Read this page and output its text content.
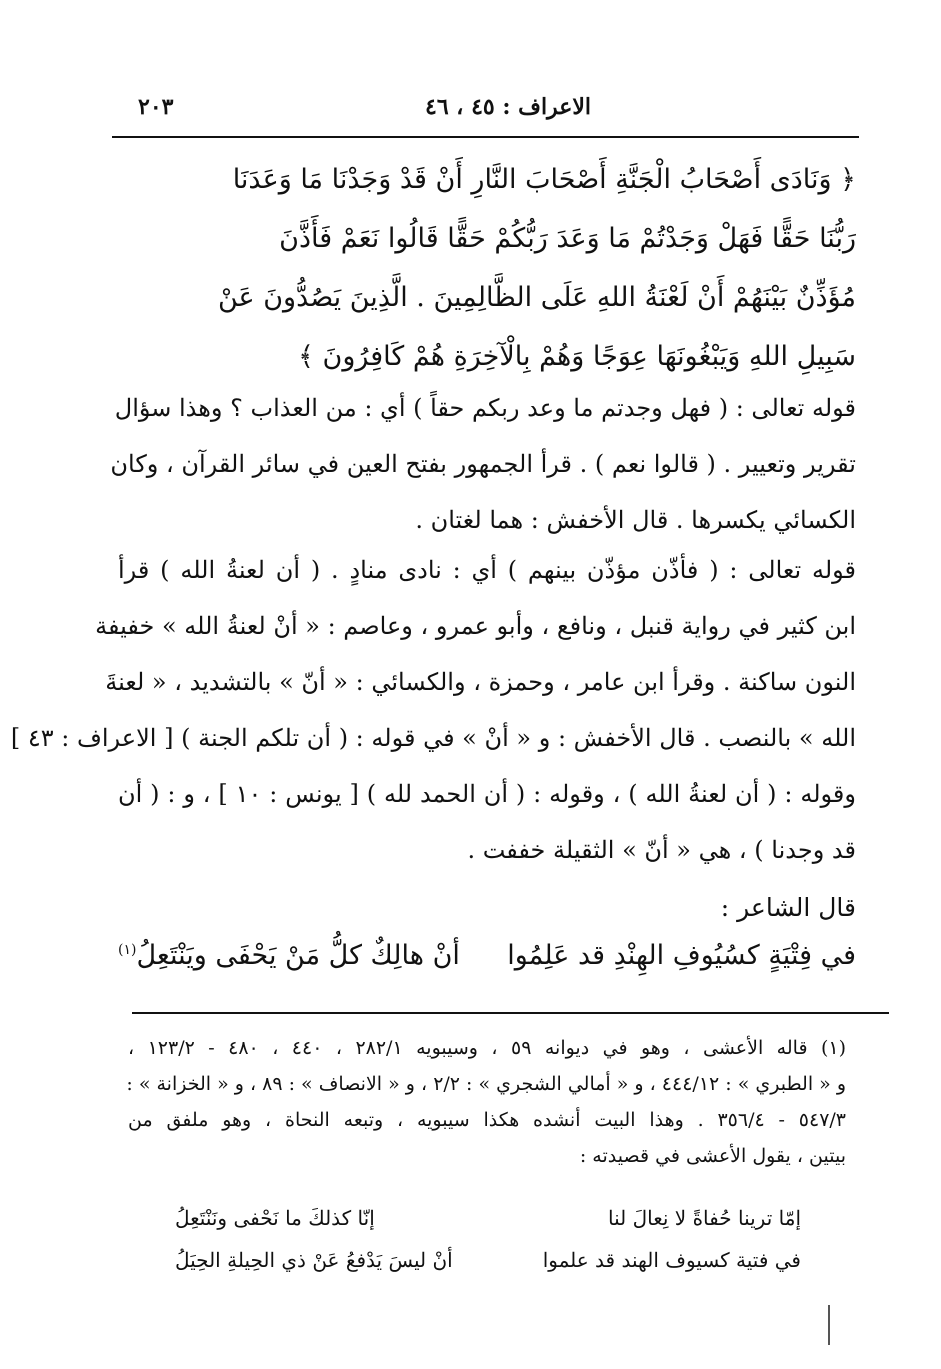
الاعراف : ٤٥ ، ٤٦
٢٠٣
﴿ وَنَادَى أَصْحَابُ الْجَنَّةِ أَصْحَابَ النَّارِ أَنْ قَدْ وَجَدْنَا مَا وَعَدَنَا
رَبُّنَا حَقًّا فَهَلْ وَجَدْتُمْ مَا وَعَدَ رَبُّكُمْ حَقًّا قَالُوا نَعَمْ فَأَذَّنَ
مُؤَذِّنٌ بَيْنَهُمْ أَنْ لَعْنَةُ اللهِ عَلَى الظَّالِمِينَ . الَّذِينَ يَصُدُّونَ عَنْ
سَبِيلِ اللهِ وَيَبْغُونَهَا عِوَجًا وَهُمْ بِالْآخِرَةِ هُمْ كَافِرُونَ ﴾
قوله تعالى : ( فهل وجدتم ما وعد ربكم حقاً ) أي : من العذاب ؟ وهذا سؤال
تقرير وتعيير . ( قالوا نعم ) . قرأ الجمهور بفتح العين في سائر القرآن ، وكان
الكسائي يكسرها . قال الأخفش : هما لغتان .
قوله تعالى : ( فأذّن مؤذّن بينهم ) أي : نادى منادٍ . ( أن لعنةُ الله ) قرأ
ابن كثير في رواية قنبل ، ونافع ، وأبو عمرو ، وعاصم : « أنْ لعنةُ الله » خفيفة
النون ساكنة . وقرأ ابن عامر ، وحمزة ، والكسائي : « أنّ » بالتشديد ، « لعنةَ
الله » بالنصب . قال الأخفش : و « أنْ » في قوله : ( أن تلكم الجنة ) [ الاعراف : ٤٣ ]
وقوله : ( أن لعنةُ الله ) ، وقوله : ( أن الحمد لله ) [ يونس : ١٠ ] ، و : ( أن
قد وجدنا ) ، هي « أنّ » الثقيلة خففت .
قال الشاعر :
في فِتْيَةٍ كسُيُوفِ الهِنْدِ قد عَلِمُوا
أنْ هالِكٌ كلُّ مَنْ يَحْفَى ويَنْتَعِلُ$^{(١)}$
(١) قاله الأعشى ، وهو في ديوانه ٥٩ ، وسيبويه ٢٨٢/١ ، ٤٤٠ ، ٤٨٠ - ١٢٣/٢ ،
و « الطبري » : ٤٤٤/١٢ ، و « أمالي الشجري » : ٢/٢ ، و « الانصاف » : ٨٩ ، و « الخزانة » :
٥٤٧/٣ - ٣٥٦/٤ . وهذا البيت أنشده هكذا سيبويه ، وتبعه النحاة ، وهو ملفق من
بيتين ، يقول الأعشى في قصيدته :
إمّا ترينا حُفاةً لا نِعالَ لنا
إنّا كذلكَ ما نَحْفى ونَنْتَعِلُ
في فتية كسيوف الهند قد علموا
أنْ ليسَ يَدْفعُ عَنْ ذي الحِيلةِ الحِيَلُ
